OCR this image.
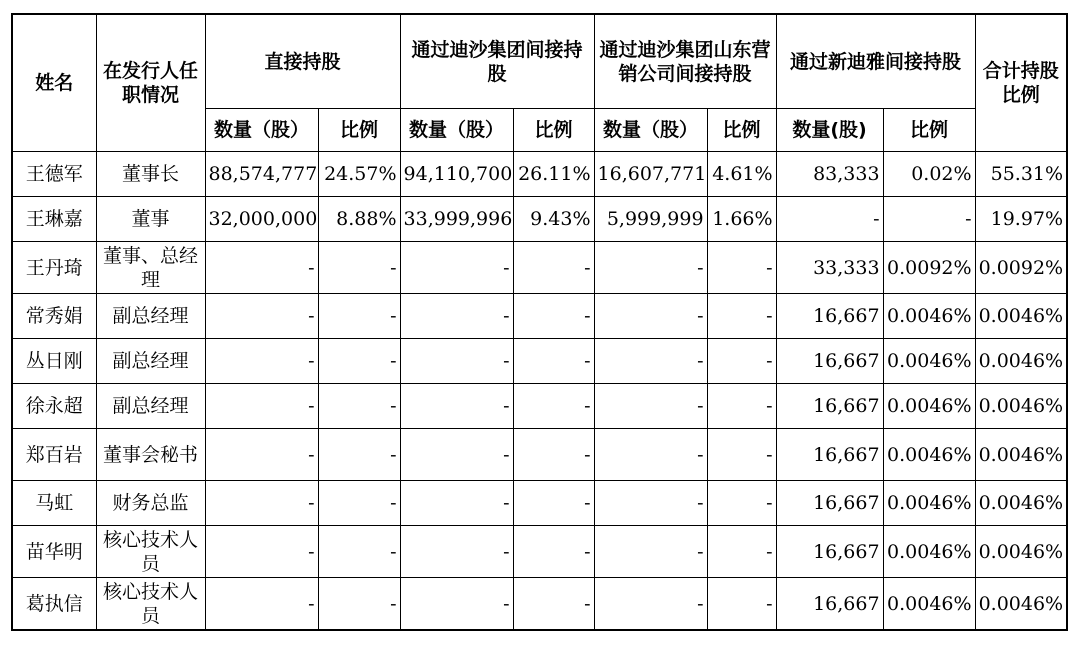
姓名	在发行人任职情况	直接持股		通过迪沙集团间接持股		通过迪沙集团山东营销公司间接持股		通过新迪雅间接持股		合计持股比例
		数量（股）	比例	数量（股）	比例	数量（股）	比例	数量(股)	比例	
王德军	董事长	88,574,777	24.57%	94,110,700	26.11%	16,607,771	4.61%	83,333	0.02%	55.31%
王琳嘉	董事	32,000,000	8.88%	33,999,996	9.43%	5,999,999	1.66%	-	-	19.97%
王丹琦	董事、总经理	-	-	-	-	-	-	33,333	0.0092%	0.0092%
常秀娟	副总经理	-	-	-	-	-	-	16,667	0.0046%	0.0046%
丛日刚	副总经理	-	-	-	-	-	-	16,667	0.0046%	0.0046%
徐永超	副总经理	-	-	-	-	-	-	16,667	0.0046%	0.0046%
郑百岩	董事会秘书	-	-	-	-	-	-	16,667	0.0046%	0.0046%
马虹	财务总监	-	-	-	-	-	-	16,667	0.0046%	0.0046%
苗华明	核心技术人员	-	-	-	-	-	-	16,667	0.0046%	0.0046%
葛执信	核心技术人员	-	-	-	-	-	-	16,667	0.0046%	0.0046%
